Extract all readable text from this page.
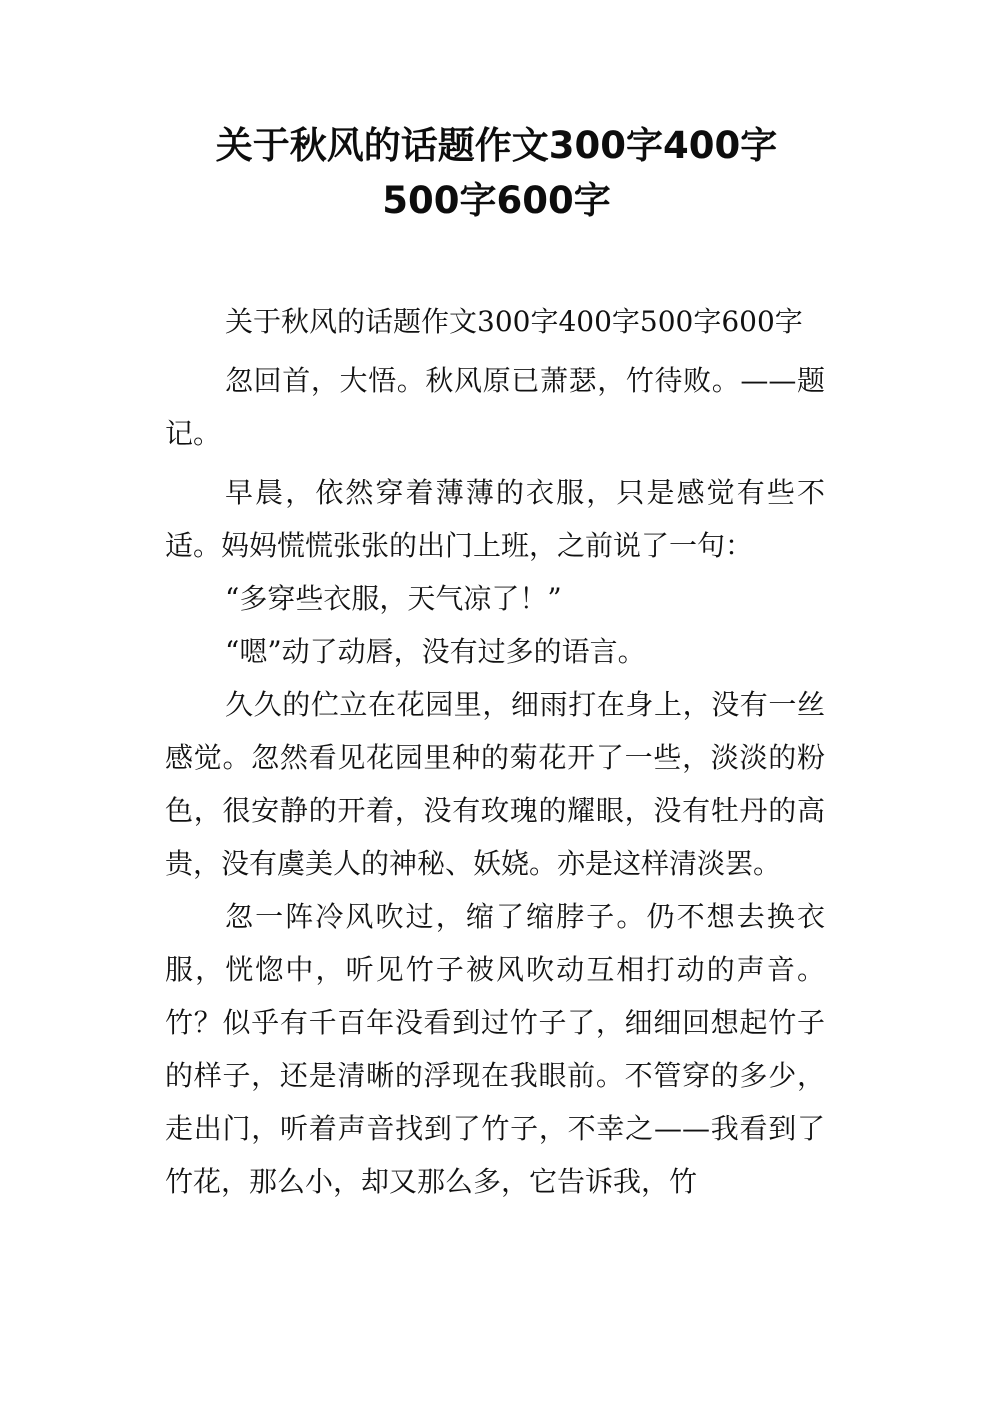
关于秋风的话题作文300字400字
500字600字

关于秋风的话题作文300字400字500字600字

忽回首，大悟。秋风原已萧瑟，竹待败。——题记。

早晨，依然穿着薄薄的衣服，只是感觉有些不适。妈妈慌慌张张的出门上班，之前说了一句：

“多穿些衣服，天气凉了！”

“嗯”动了动唇，没有过多的语言。

久久的伫立在花园里，细雨打在身上，没有一丝感觉。忽然看见花园里种的菊花开了一些，淡淡的粉色，很安静的开着，没有玫瑰的耀眼，没有牡丹的高贵，没有虞美人的神秘、妖娆。亦是这样清淡罢。

忽一阵冷风吹过，缩了缩脖子。仍不想去换衣服，恍惚中，听见竹子被风吹动互相打动的声音。竹？似乎有千百年没看到过竹子了，细细回想起竹子的样子，还是清晰的浮现在我眼前。不管穿的多少，走出门，听着声音找到了竹子，不幸之——我看到了竹花，那么小，却又那么多，它告诉我，竹
